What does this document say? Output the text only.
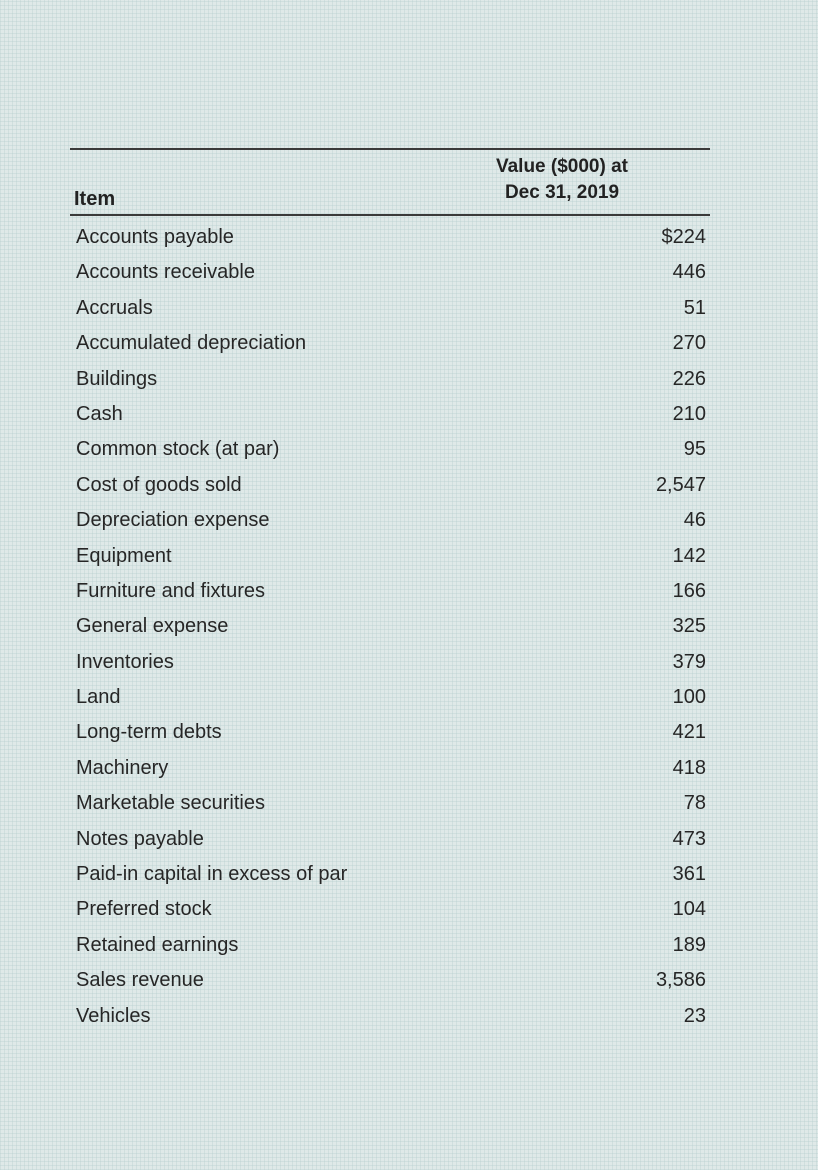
Item
Value ($000) at
Dec 31, 2019
Accounts payable	$224
Accounts receivable	446
Accruals	51
Accumulated depreciation	270
Buildings	226
Cash	210
Common stock (at par)	95
Cost of goods sold	2,547
Depreciation expense	46
Equipment	142
Furniture and fixtures	166
General expense	325
Inventories	379
Land	100
Long-term debts	421
Machinery	418
Marketable securities	78
Notes payable	473
Paid-in capital in excess of par	361
Preferred stock	104
Retained earnings	189
Sales revenue	3,586
Vehicles	23
